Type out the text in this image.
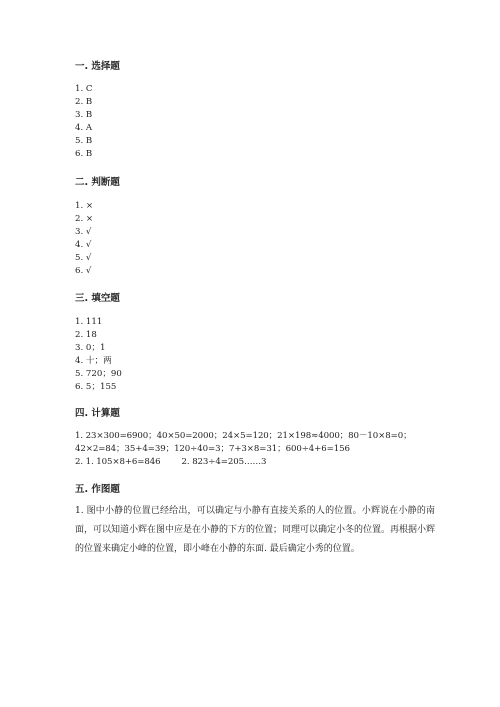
一. 选择题
1. C
2. B
3. B
4. A
5. B
6. B
二. 判断题
1. ×
2. ×
3. √
4. √
5. √
6. √
三. 填空题
1. 111
2. 18
3. 0；1
4. 十；两
5. 720；90
6. 5；155
四. 计算题
1. 23×300=6900；40×50=2000；24×5=120；21×198≈4000；80－10×8=0；
42×2=84；35+4=39；120÷40=3；7+3×8=31；600÷4+6=156
2. 1. 105×8+6=846        2. 823÷4=205……3
五. 作图题

1. 图中小静的位置已经给出，可以确定与小静有直接关系的人的位置。小辉说在小静的南面，可以知道小辉在图中应是在小静的下方的位置；同理可以确定小冬的位置。再根据小辉的位置来确定小峰的位置，即小峰在小静的东面. 最后确定小秀的位置。
